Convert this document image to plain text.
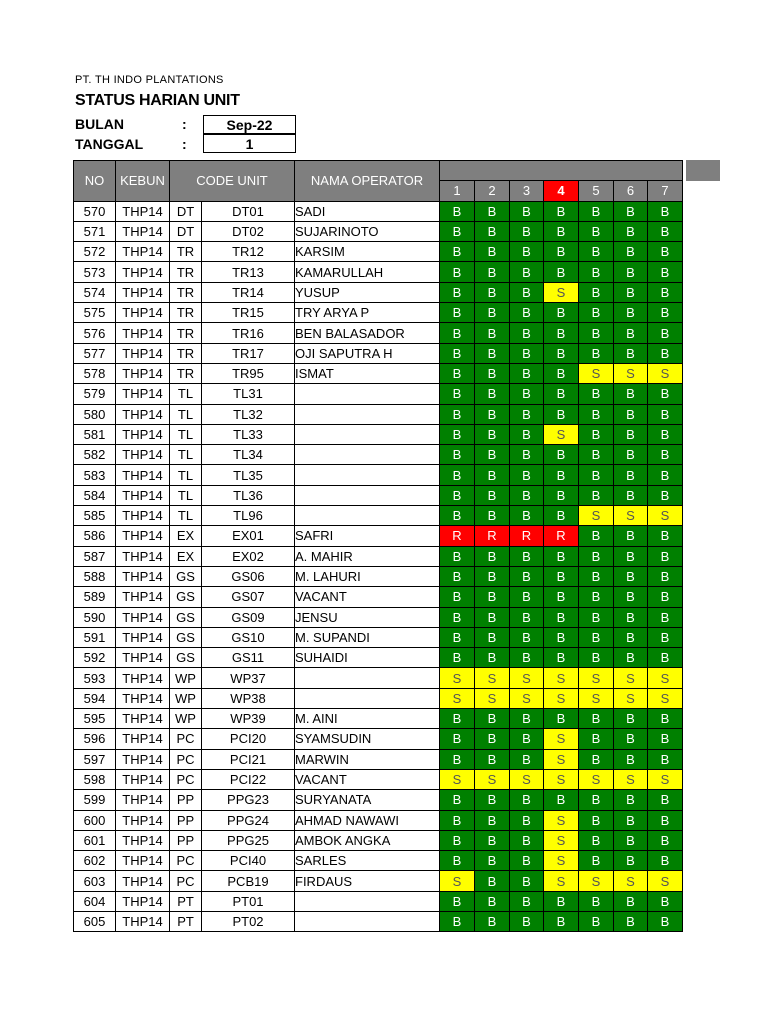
PT. TH INDO PLANTATIONS
STATUS HARIAN UNIT
BULAN	:	Sep-22
TANGGAL	:	1
NO	KEBUN	CODE UNIT		NAMA OPERATOR							
					1	2	3	4	5	6	7
570	THP14	DT	DT01	SADI	B	B	B	B	B	B	B
571	THP14	DT	DT02	SUJARINOTO	B	B	B	B	B	B	B
572	THP14	TR	TR12	KARSIM	B	B	B	B	B	B	B
573	THP14	TR	TR13	KAMARULLAH	B	B	B	B	B	B	B
574	THP14	TR	TR14	YUSUP	B	B	B	S	B	B	B
575	THP14	TR	TR15	TRY ARYA P	B	B	B	B	B	B	B
576	THP14	TR	TR16	BEN BALASADOR	B	B	B	B	B	B	B
577	THP14	TR	TR17	OJI SAPUTRA H	B	B	B	B	B	B	B
578	THP14	TR	TR95	ISMAT	B	B	B	B	S	S	S
579	THP14	TL	TL31		B	B	B	B	B	B	B
580	THP14	TL	TL32		B	B	B	B	B	B	B
581	THP14	TL	TL33		B	B	B	S	B	B	B
582	THP14	TL	TL34		B	B	B	B	B	B	B
583	THP14	TL	TL35		B	B	B	B	B	B	B
584	THP14	TL	TL36		B	B	B	B	B	B	B
585	THP14	TL	TL96		B	B	B	B	S	S	S
586	THP14	EX	EX01	SAFRI	R	R	R	R	B	B	B
587	THP14	EX	EX02	A. MAHIR	B	B	B	B	B	B	B
588	THP14	GS	GS06	M. LAHURI	B	B	B	B	B	B	B
589	THP14	GS	GS07	VACANT	B	B	B	B	B	B	B
590	THP14	GS	GS09	JENSU	B	B	B	B	B	B	B
591	THP14	GS	GS10	M. SUPANDI	B	B	B	B	B	B	B
592	THP14	GS	GS11	SUHAIDI	B	B	B	B	B	B	B
593	THP14	WP	WP37		S	S	S	S	S	S	S
594	THP14	WP	WP38		S	S	S	S	S	S	S
595	THP14	WP	WP39	M. AINI	B	B	B	B	B	B	B
596	THP14	PC	PCI20	SYAMSUDIN	B	B	B	S	B	B	B
597	THP14	PC	PCI21	MARWIN	B	B	B	S	B	B	B
598	THP14	PC	PCI22	VACANT	S	S	S	S	S	S	S
599	THP14	PP	PPG23	SURYANATA	B	B	B	B	B	B	B
600	THP14	PP	PPG24	AHMAD NAWAWI	B	B	B	S	B	B	B
601	THP14	PP	PPG25	AMBOK ANGKA	B	B	B	S	B	B	B
602	THP14	PC	PCI40	SARLES	B	B	B	S	B	B	B
603	THP14	PC	PCB19	FIRDAUS	S	B	B	S	S	S	S
604	THP14	PT	PT01		B	B	B	B	B	B	B
605	THP14	PT	PT02		B	B	B	B	B	B	B
